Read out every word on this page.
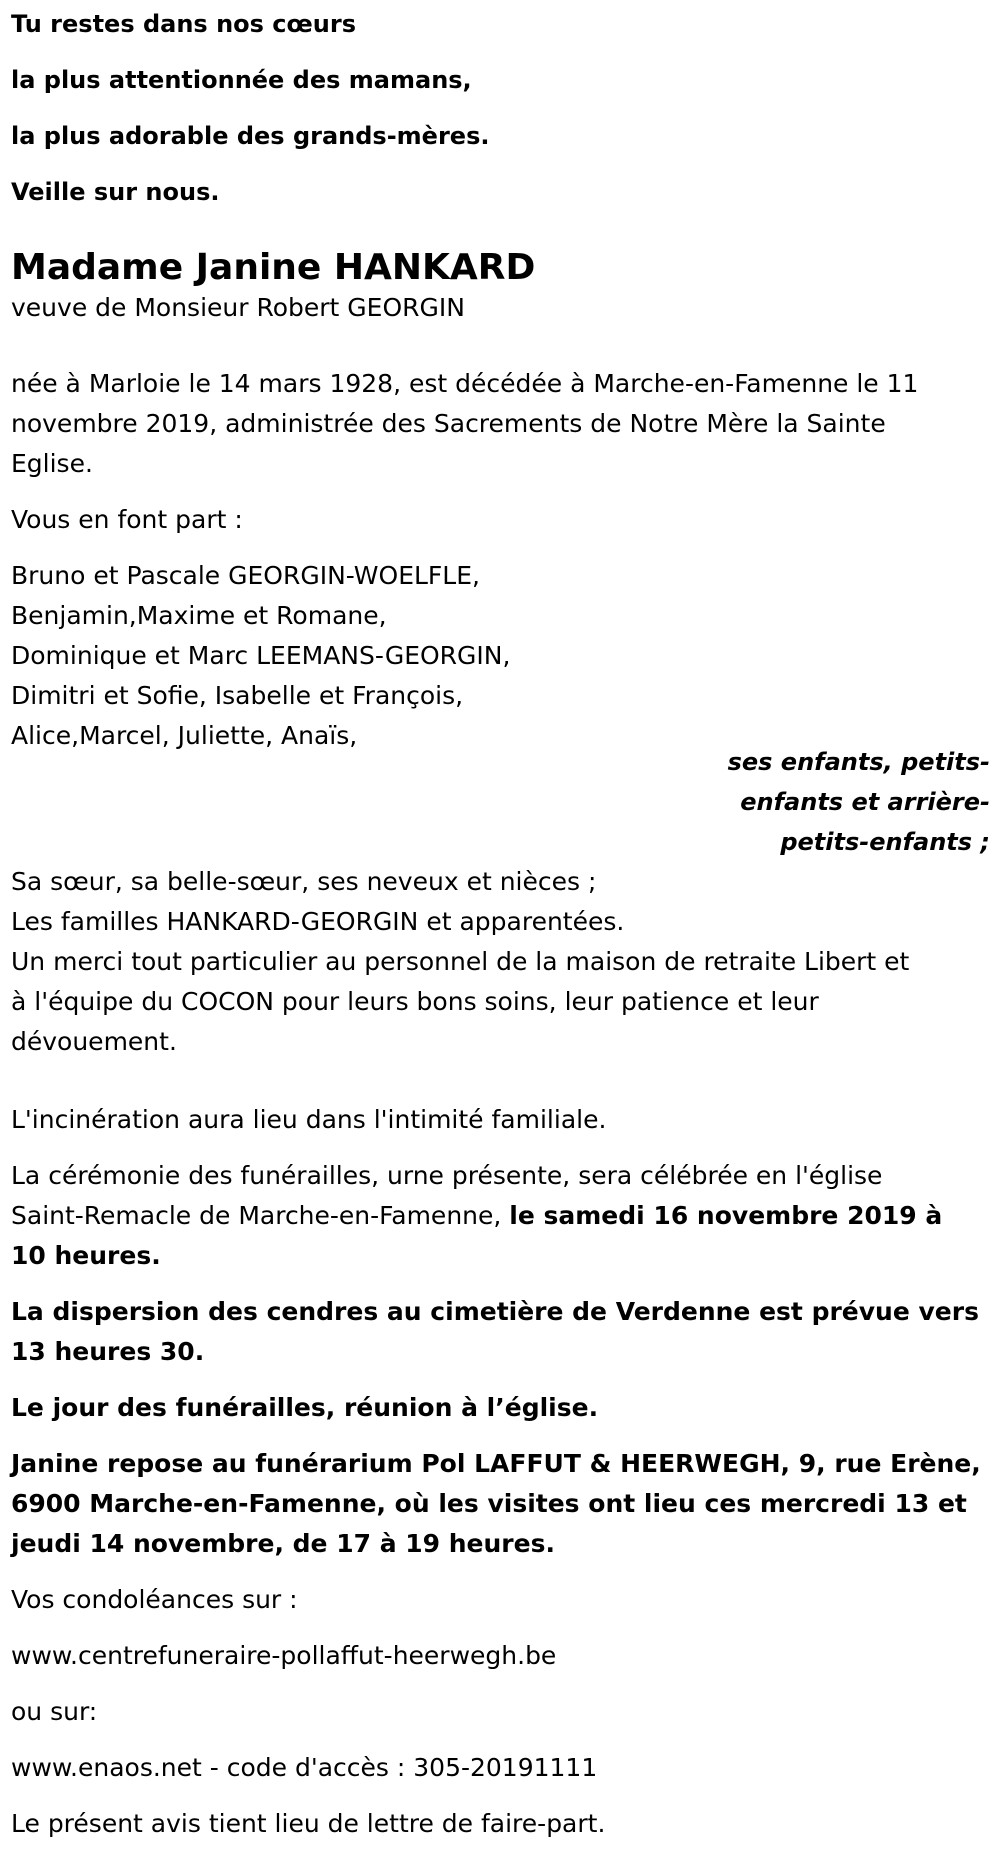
Tu restes dans nos cœurs

la plus attentionnée des mamans,

la plus adorable des grands-mères.

Veille sur nous.

Madame Janine HANKARD

veuve de Monsieur Robert GEORGIN

née à Marloie le 14 mars 1928, est décédée à Marche-en-Famenne le 11

novembre 2019, administrée des Sacrements de Notre Mère la Sainte

Eglise.

Vous en font part :

Bruno et Pascale GEORGIN-WOELFLE,

Benjamin,Maxime et Romane,

Dominique et Marc LEEMANS-GEORGIN,

Dimitri et Sofie, Isabelle et François,

Alice,Marcel, Juliette, Anaïs,

ses enfants, petits-

enfants et arrière-

petits-enfants ;

Sa sœur, sa belle-sœur, ses neveux et nièces ;

Les familles HANKARD-GEORGIN et apparentées.

Un merci tout particulier au personnel de la maison de retraite Libert et

à l'équipe du COCON pour leurs bons soins, leur patience et leur

dévouement.

L'incinération aura lieu dans l'intimité familiale.

La cérémonie des funérailles, urne présente, sera célébrée en l'église

Saint-Remacle de Marche-en-Famenne, le samedi 16 novembre 2019 à

10 heures.

La dispersion des cendres au cimetière de Verdenne est prévue vers

13 heures 30.

Le jour des funérailles, réunion à l’église.

Janine repose au funérarium Pol LAFFUT & HEERWEGH, 9, rue Erène,

6900 Marche-en-Famenne, où les visites ont lieu ces mercredi 13 et

jeudi 14 novembre, de 17 à 19 heures.

Vos condoléances sur :

www.centrefuneraire-pollaffut-heerwegh.be

ou sur:

www.enaos.net - code d'accès : 305-20191111

Le présent avis tient lieu de lettre de faire-part.
